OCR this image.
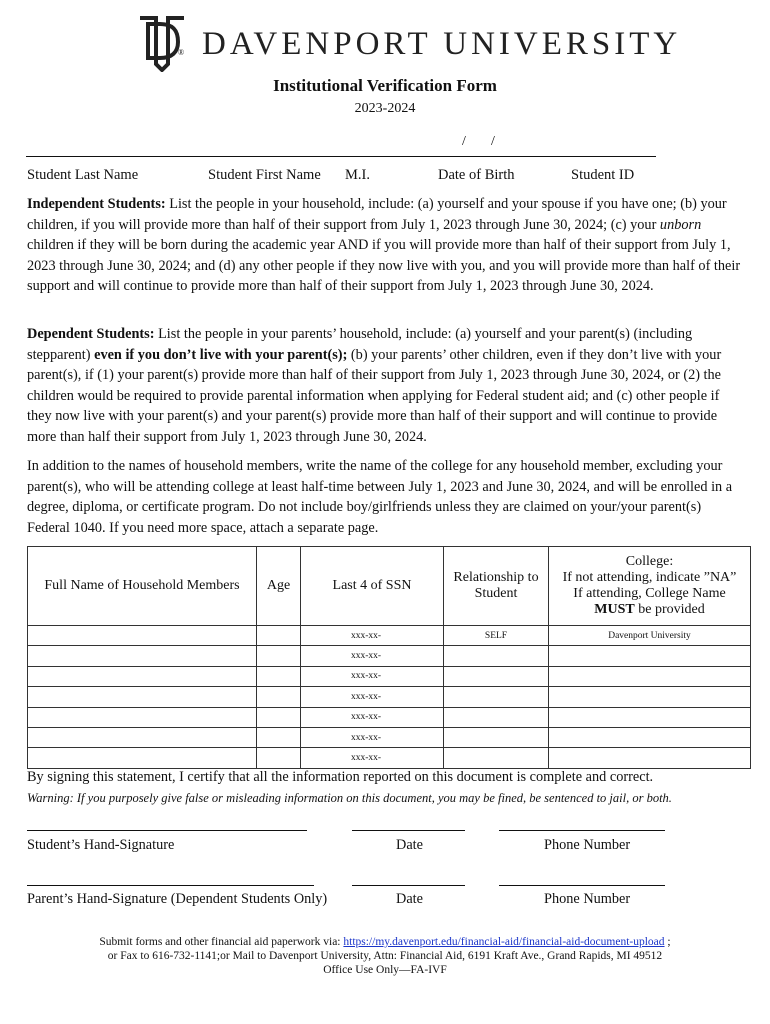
DAVENPORT UNIVERSITY
®
Institutional Verification Form
2023-2024
/ /
Student Last Name	Student First Name M.I.	Date of Birth	Student ID

Independent Students: List the people in your household, include: (a) yourself and your spouse if you have one; (b) your children, if you will provide more than half of their support from July 1, 2023 through June 30, 2024; (c) your unborn children if they will be born during the academic year AND if you will provide more than half of their support from July 1, 2023 through June 30, 2024; and (d) any other people if they now live with you, and you will provide more than half of their support and will continue to provide more than half of their support from July 1, 2023 through June 30, 2024.

Dependent Students: List the people in your parents’ household, include: (a) yourself and your parent(s) (including stepparent) even if you don’t live with your parent(s); (b) your parents’ other children, even if they don’t live with your parent(s), if (1) your parent(s) provide more than half of their support from July 1, 2023 through June 30, 2024, or (2) the children would be required to provide parental information when applying for Federal student aid; and (c) other people if they now live with your parent(s) and your parent(s) provide more than half of their support and will continue to provide more than half their support from July 1, 2023 through June 30, 2024.

In addition to the names of household members, write the name of the college for any household member, excluding your parent(s), who will be attending college at least half-time between July 1, 2023 and June 30, 2024, and will be enrolled in a degree, diploma, or certificate program. Do not include boy/girlfriends unless they are claimed on your/your parent(s) Federal 1040. If you need more space, attach a separate page.

Full Name of Household Members	Age	Last 4 of SSN	Relationship to Student	College:
If not attending, indicate ”NA”
If attending, College Name
MUST be provided

		xxx-xx-	SELF	Davenport University
		xxx-xx-		
		xxx-xx-		
		xxx-xx-		
		xxx-xx-		
		xxx-xx-		
		xxx-xx-		
By signing this statement, I certify that all the information reported on this document is complete and correct.
Warning: If you purposely give false or misleading information on this document, you may be fined, be sentenced to jail, or both.
Student’s Hand-Signature	Date	Phone Number
Parent’s Hand-Signature (Dependent Students Only)	Date	Phone Number
Submit forms and other financial aid paperwork via: https://my.davenport.edu/financial-aid/financial-aid-document-upload ;
or Fax to 616-732-1141;or Mail to Davenport University, Attn: Financial Aid, 6191 Kraft Ave., Grand Rapids, MI 49512
Office Use Only—FA-IVF
